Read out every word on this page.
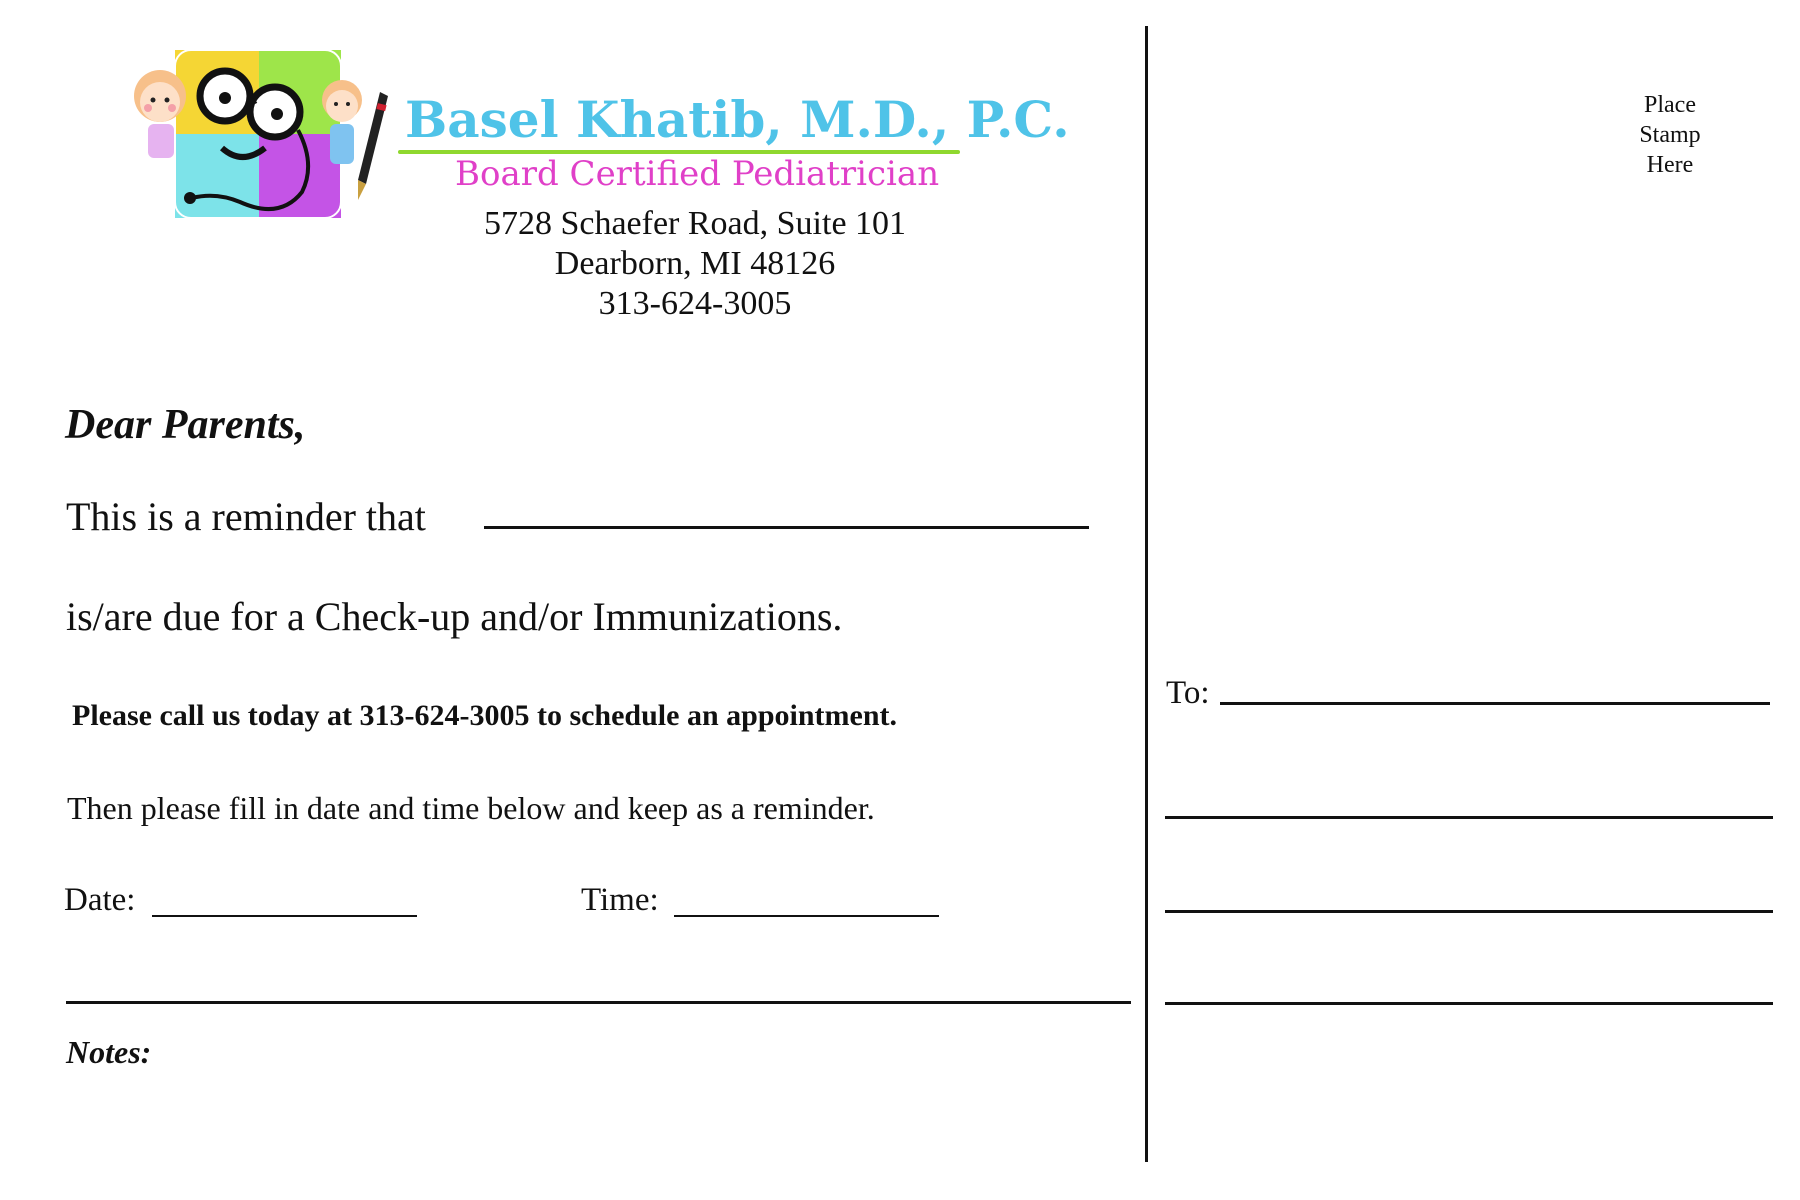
Basel Khatib, M.D., P.C.
Board Certified Pediatrician
5728 Schaefer Road, Suite 101
Dearborn, MI 48126
313-624-3005
Dear Parents,
This is a reminder that
is/are due for a Check-up and/or Immunizations.
Please call us today at 313-624-3005 to schedule an appointment.
Then please fill in date and time below and keep as a reminder.
Date:	Time:
Notes:
Place
Stamp
Here
To:
